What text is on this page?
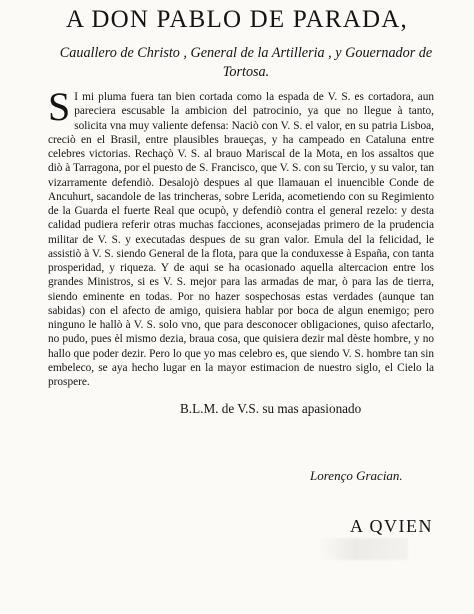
A DON PABLO DE PARADA,
Cauallero de Christo , General de la Artilleria , y Gouernador de Tortosa.

S I mi pluma fuera tan bien cortada como la espada de V. S. es cortadora, aun pareciera escusable la ambicion del patrocinio, ya que no llegue à tanto, solicita vna muy valiente defensa: Naciò con V. S. el valor, en su patria Lisboa, creciò en el Brasil, entre plausibles braueças, y ha campeado en Cataluna entre celebres victorias. Rechaçò V. S. al brauo Mariscal de la Mota, en los assaltos que diò à Tarragona, por el puesto de S. Francisco, que V. S. con su Tercio, y su valor, tan vizarramente defendiò. Desalojò despues al que llamauan el inuencible Conde de Ancuhurt, sacandole de las trincheras, sobre Lerida, acometiendo con su Regimiento de la Guarda el fuerte Real que ocupò, y defendiò contra el general rezelo: y desta calidad pudiera referir otras muchas facciones, aconsejadas primero de la prudencia militar de V. S. y executadas despues de su gran valor. Emula del la felicidad, le assistiò à V. S. siendo General de la flota, para que la conduxesse à España, con tanta prosperidad, y riqueza. Y de aqui se ha ocasionado aquella altercacion entre los grandes Ministros, si es V. S. mejor para las armadas de mar, ò para las de tierra, siendo eminente en todas. Por no hazer sospechosas estas verdades (aunque tan sabidas) con el afecto de amigo, quisiera hablar por boca de algun enemigo; pero ninguno le hallò à V. S. solo vno, que para desconocer obligaciones, quiso afectarlo, no pudo, pues èl mismo dezia, braua cosa, que quisiera dezir mal dèste hombre, y no hallo que poder dezir. Pero lo que yo mas celebro es, que siendo V. S. hombre tan sin embeleco, se aya hecho lugar en la mayor estimacion de nuestro siglo, el Cielo la prospere.

B.L.M. de V.S. su mas apasionado
Lorenço Gracian.
A QVIEN
